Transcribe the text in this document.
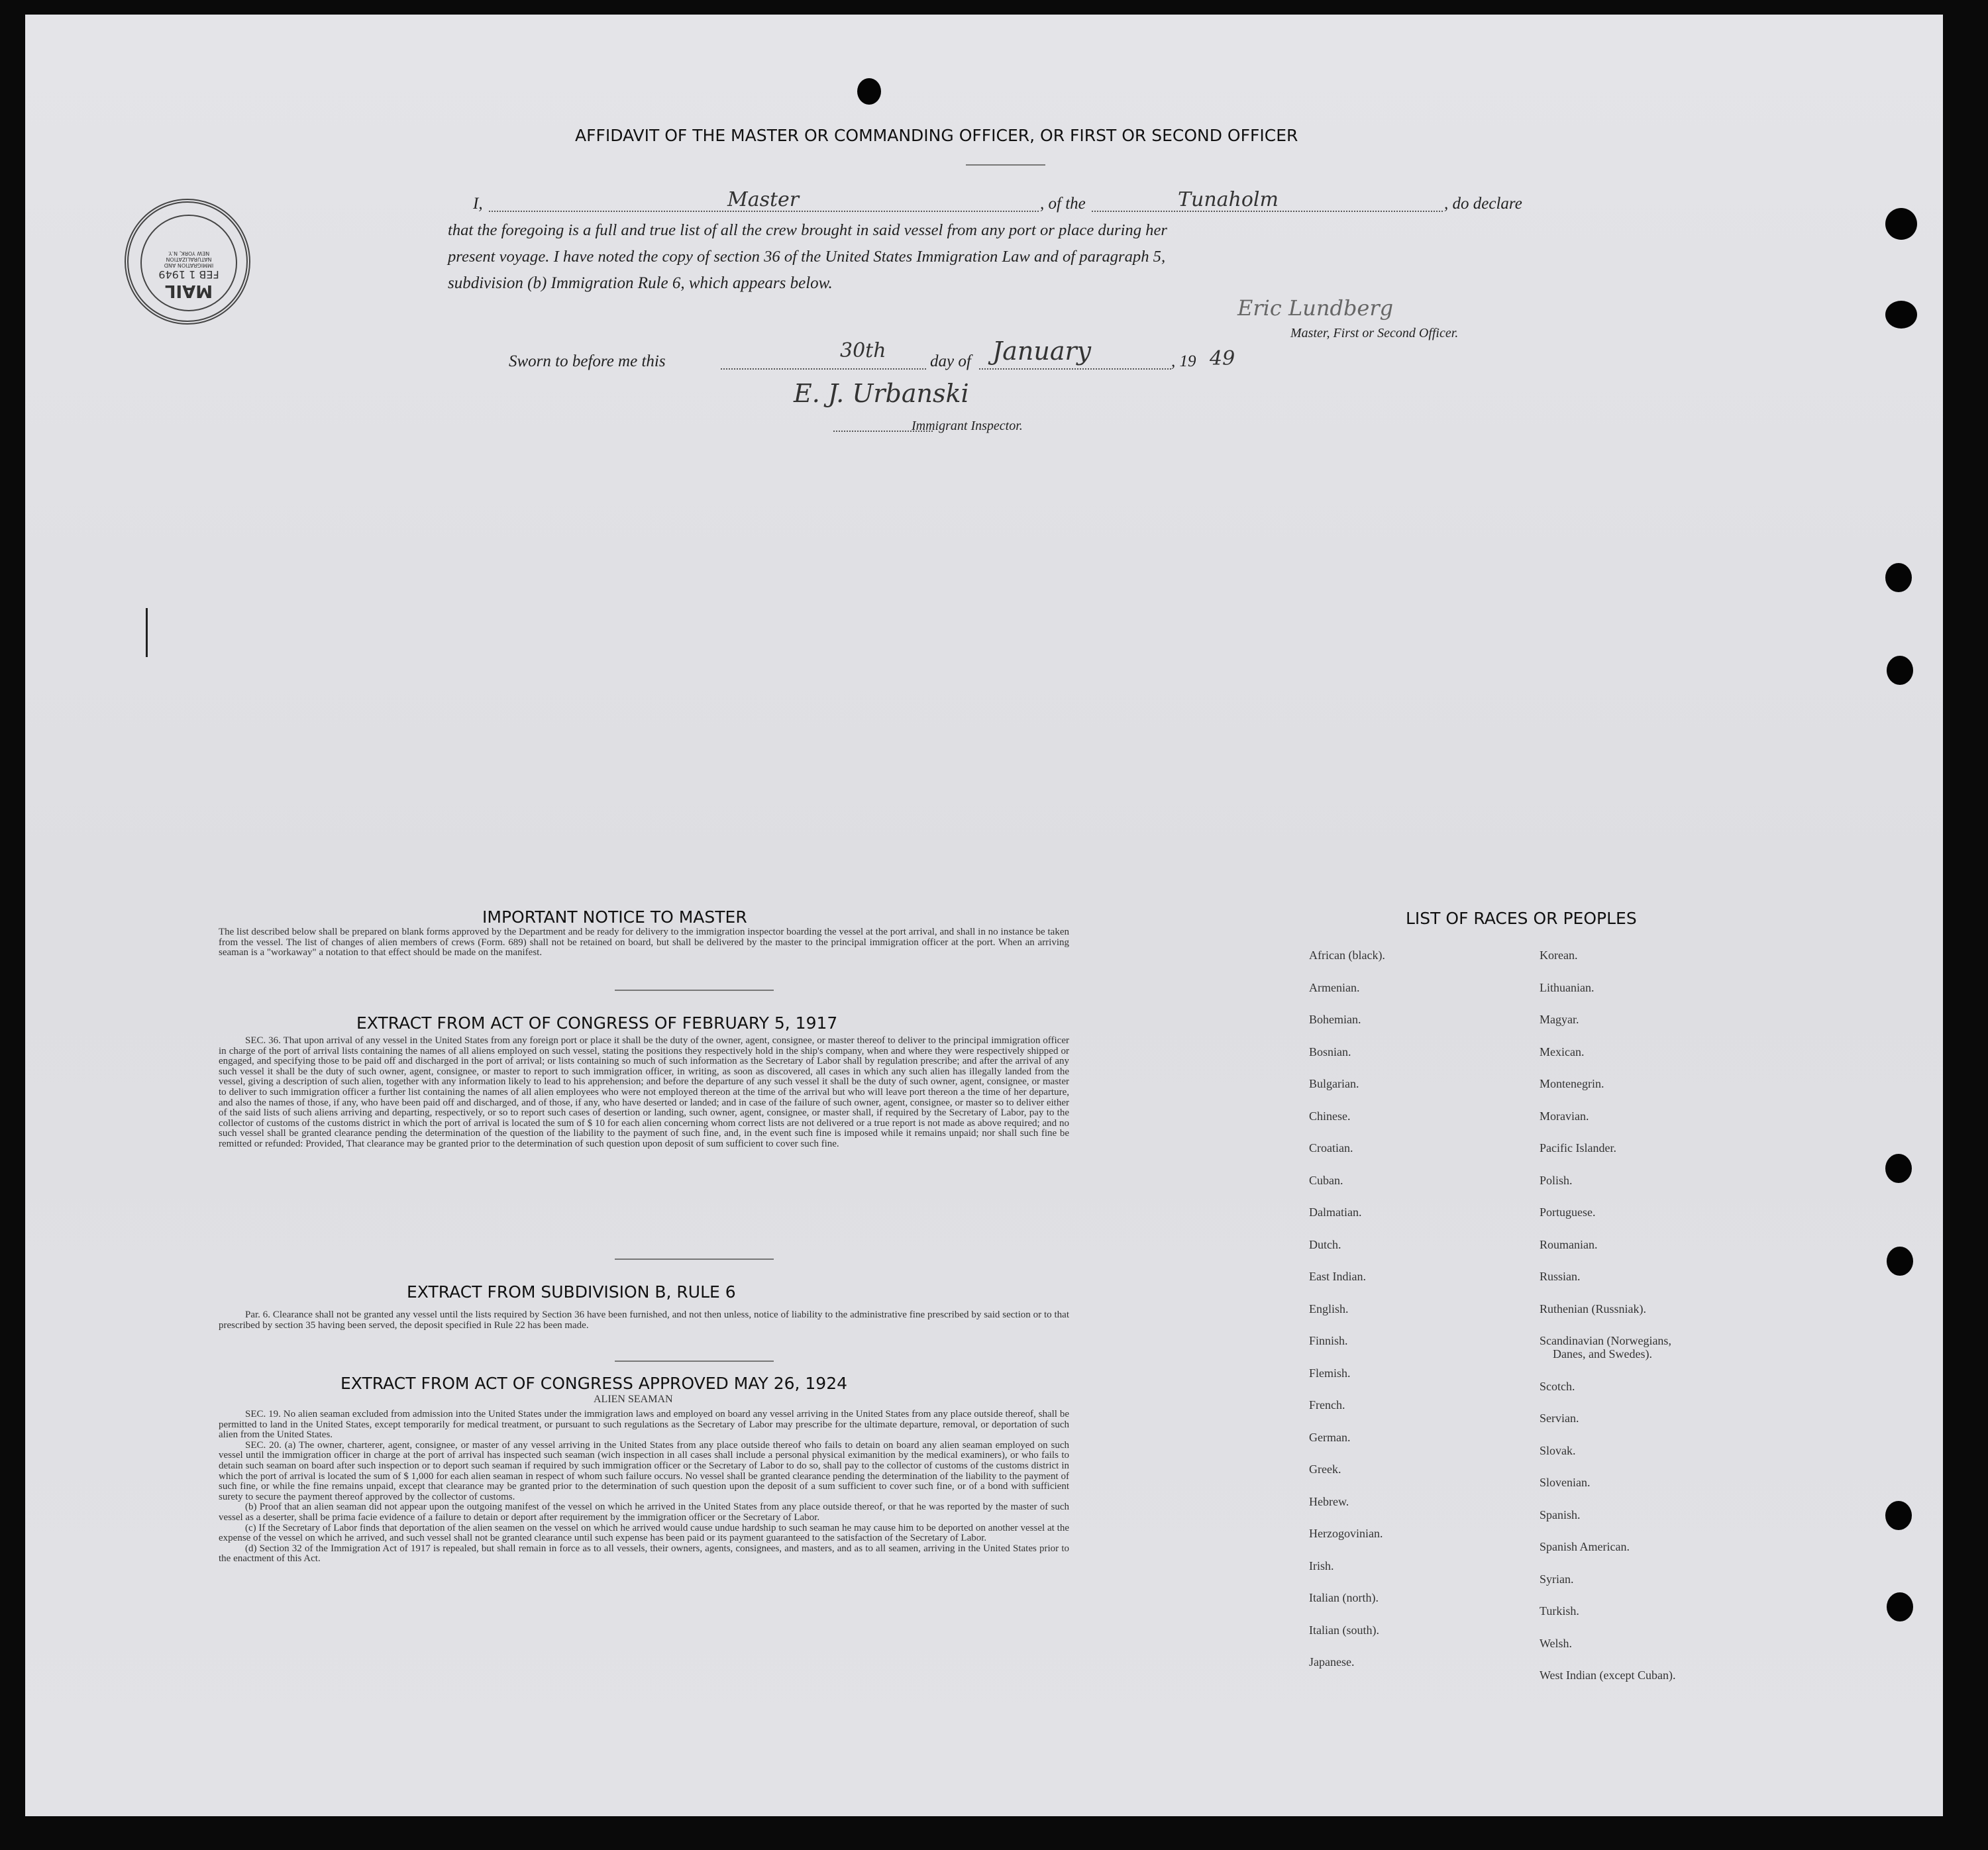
MAIL
FEB 1 1949
IMMIGRATION AND NATURALIZATION
NEW YORK, N.Y.
AFFIDAVIT OF THE MASTER OR COMMANDING OFFICER, OR FIRST OR SECOND OFFICER
I,	Master	, of the	Tunaholm	, do declare
that the foregoing is a full and true list of all the crew brought in said vessel from any port or place during her
present voyage. I have noted the copy of section 36 of the United States Immigration Law and of paragraph 5,
subdivision (b) Immigration Rule 6, which appears below.
Eric Lundberg
Master, First or Second Officer.
Sworn to before me this	30th	day of January	, 19 49
E. J. Urbanski
Immigrant Inspector.
IMPORTANT NOTICE TO MASTER
The list described below shall be prepared on blank forms approved by the Department and be ready for delivery to the immigration inspector boarding the vessel at the port arrival, and shall in no instance be taken from the vessel. The list of changes of alien members of crews (Form. 689) shall not be retained on board, but shall be delivered by the master to the principal immigration officer at the port. When an arriving seaman is a "workaway" a notation to that effect should be made on the manifest.
EXTRACT FROM ACT OF CONGRESS OF FEBRUARY 5, 1917
SEC. 36. That upon arrival of any vessel in the United States from any foreign port or place it shall be the duty of the owner, agent, consignee, or master thereof to deliver to the principal immigration officer in charge of the port of arrival lists containing the names of all aliens employed on such vessel, stating the positions they respectively hold in the ship's company, when and where they were respectively shipped or engaged, and specifying those to be paid off and discharged in the port of arrival; or lists containing so much of such information as the Secretary of Labor shall by regulation prescribe; and after the arrival of any such vessel it shall be the duty of such owner, agent, consignee, or master to report to such immigration officer, in writing, as soon as discovered, all cases in which any such alien has illegally landed from the vessel, giving a description of such alien, together with any information likely to lead to his apprehension; and before the departure of any such vessel it shall be the duty of such owner, agent, consignee, or master to deliver to such immigration officer a further list containing the names of all alien employees who were not employed thereon at the time of the arrival but who will leave port thereon a the time of her departure, and also the names of those, if any, who have been paid off and discharged, and of those, if any, who have deserted or landed; and in case of the failure of such owner, agent, consignee, or master so to deliver either of the said lists of such aliens arriving and departing, respectively, or so to report such cases of desertion or landing, such owner, agent, consignee, or master shall, if required by the Secretary of Labor, pay to the collector of customs of the customs district in which the port of arrival is located the sum of $ 10 for each alien concerning whom correct lists are not delivered or a true report is not made as above required; and no such vessel shall be granted clearance pending the determination of the question of the liability to the payment of such fine, and, in the event such fine is imposed while it remains unpaid; nor shall such fine be remitted or refunded: Provided, That clearance may be granted prior to the determination of such question upon deposit of sum sufficient to cover such fine.
EXTRACT FROM SUBDIVISION B, RULE 6
Par. 6. Clearance shall not be granted any vessel until the lists required by Section 36 have been furnished, and not then unless, notice of liability to the administrative fine prescribed by said section or to that prescribed by section 35 having been served, the deposit specified in Rule 22 has been made.
EXTRACT FROM ACT OF CONGRESS APPROVED MAY 26, 1924
ALIEN SEAMAN

SEC. 19. No alien seaman excluded from admission into the United States under the immigration laws and employed on board any vessel arriving in the United States from any place outside thereof, shall be permitted to land in the United States, except temporarily for medical treatment, or pursuant to such regulations as the Secretary of Labor may prescribe for the ultimate departure, removal, or deportation of such alien from the United States.

SEC. 20. (a) The owner, charterer, agent, consignee, or master of any vessel arriving in the United States from any place outside thereof who fails to detain on board any alien seaman employed on such vessel until the immigration officer in charge at the port of arrival has inspected such seaman (wich inspection in all cases shall include a personal physical eximanition by the medical examiners), or who fails to detain such seaman on board after such inspection or to deport such seaman if required by such immigration officer or the Secretary of Labor to do so, shall pay to the collector of customs of the customs district in which the port of arrival is located the sum of $ 1,000 for each alien seaman in respect of whom such failure occurs. No vessel shall be granted clearance pending the determination of the liability to the payment of such fine, or while the fine remains unpaid, except that clearance may be granted prior to the determination of such question upon the deposit of a sum sufficient to cover such fine, or of a bond with sufficient surety to secure the payment thereof approved by the collector of customs.

(b) Proof that an alien seaman did not appear upon the outgoing manifest of the vessel on which he arrived in the United States from any place outside thereof, or that he was reported by the master of such vessel as a deserter, shall be prima facie evidence of a failure to detain or deport after requirement by the immigration officer or the Secretary of Labor.

(c) If the Secretary of Labor finds that deportation of the alien seamen on the vessel on which he arrived would cause undue hardship to such seaman he may cause him to be deported on another vessel at the expense of the vessel on which he arrived, and such vessel shall not be granted clearance until such expense has been paid or its payment guaranteed to the satisfaction of the Secretary of Labor.

(d) Section 32 of the Immigration Act of 1917 is repealed, but shall remain in force as to all vessels, their owners, agents, consignees, and masters, and as to all seamen, arriving in the United States prior to the enactment of this Act.

LIST OF RACES OR PEOPLES
African (black).
Armenian.
Bohemian.
Bosnian.
Bulgarian.
Chinese.
Croatian.
Cuban.
Dalmatian.
Dutch.
East Indian.
English.
Finnish.
Flemish.
French.
German.
Greek.
Hebrew.
Herzogovinian.
Irish.
Italian (north).
Italian (south).
Japanese.
Korean.
Lithuanian.
Magyar.
Mexican.
Montenegrin.
Moravian.
Pacific Islander.
Polish.
Portuguese.
Roumanian.
Russian.
Ruthenian (Russniak).
Scandinavian (Norwegians,
Danes, and Swedes).
Scotch.
Servian.
Slovak.
Slovenian.
Spanish.
Spanish American.
Syrian.
Turkish.
Welsh.
West Indian (except Cuban).
